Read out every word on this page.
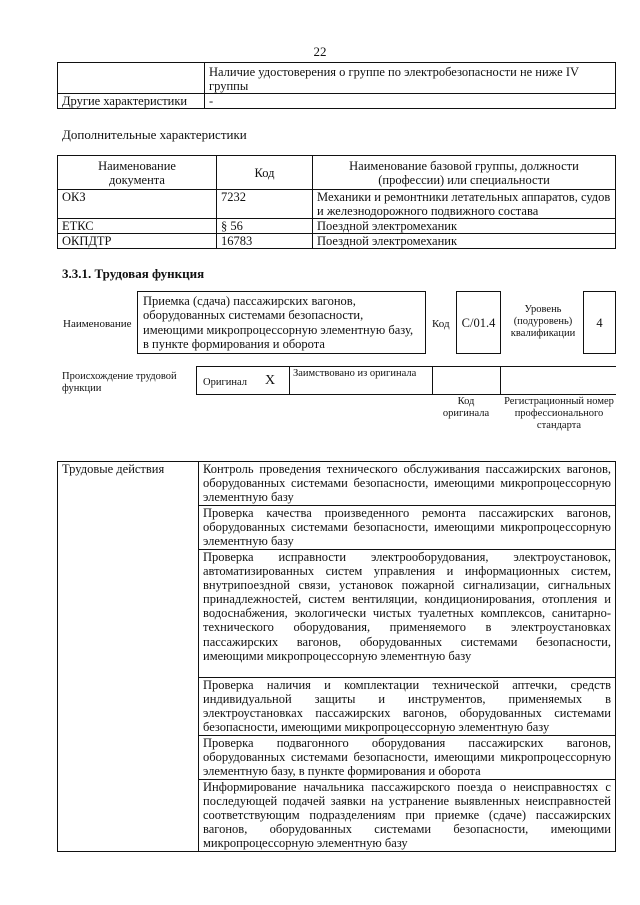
22
	Наличие удостоверения о группе по электробезопасности не ниже IV группы
Другие характеристики	-
Дополнительные характеристики
Наименование документа	Код	Наименование базовой группы, должности (профессии) или специальности
ОКЗ	7232	Механики и ремонтники летательных аппаратов, судов и железнодорожного подвижного состава
ЕТКС	§ 56	Поездной электромеханик
ОКПДТР	16783	Поездной электромеханик
3.3.1. Трудовая функция
Наименование
Приемка (сдача) пассажирских вагонов, оборудованных системами безопасности, имеющими микропроцессорную элементную базу, в пункте формирования и оборота
Код C/01.4
Уровень (подуровень) квалификации
4
Происхождение трудовой функции
Оригинал X Заимствовано из оригинала
Код оригинала
Регистрационный номер профессионального стандарта
Трудовые действия	Контроль проведения технического обслуживания пассажирских вагонов, оборудованных системами безопасности, имеющими микропроцессорную элементную базу
Проверка качества произведенного ремонта пассажирских вагонов, оборудованных системами безопасности, имеющими микропроцессорную элементную базу
Проверка исправности электрооборудования, электроустановок, автоматизированных систем управления и информационных систем, внутрипоездной связи, установок пожарной сигнализации, сигнальных принадлежностей, систем вентиляции, кондиционирования, отопления и водоснабжения, экологически чистых туалетных комплексов, санитарно-технического оборудования, применяемого в электроустановках пассажирских вагонов, оборудованных системами безопасности, имеющими микропроцессорную элементную базу
Проверка наличия и комплектации технической аптечки, средств индивидуальной защиты и инструментов, применяемых в электроустановках пассажирских вагонов, оборудованных системами безопасности, имеющими микропроцессорную элементную базу
Проверка подвагонного оборудования пассажирских вагонов, оборудованных системами безопасности, имеющими микропроцессорную элементную базу, в пункте формирования и оборота
Информирование начальника пассажирского поезда о неисправностях с последующей подачей заявки на устранение выявленных неисправностей соответствующим подразделениям при приемке (сдаче) пассажирских вагонов, оборудованных системами безопасности, имеющими микропроцессорную элементную базу
